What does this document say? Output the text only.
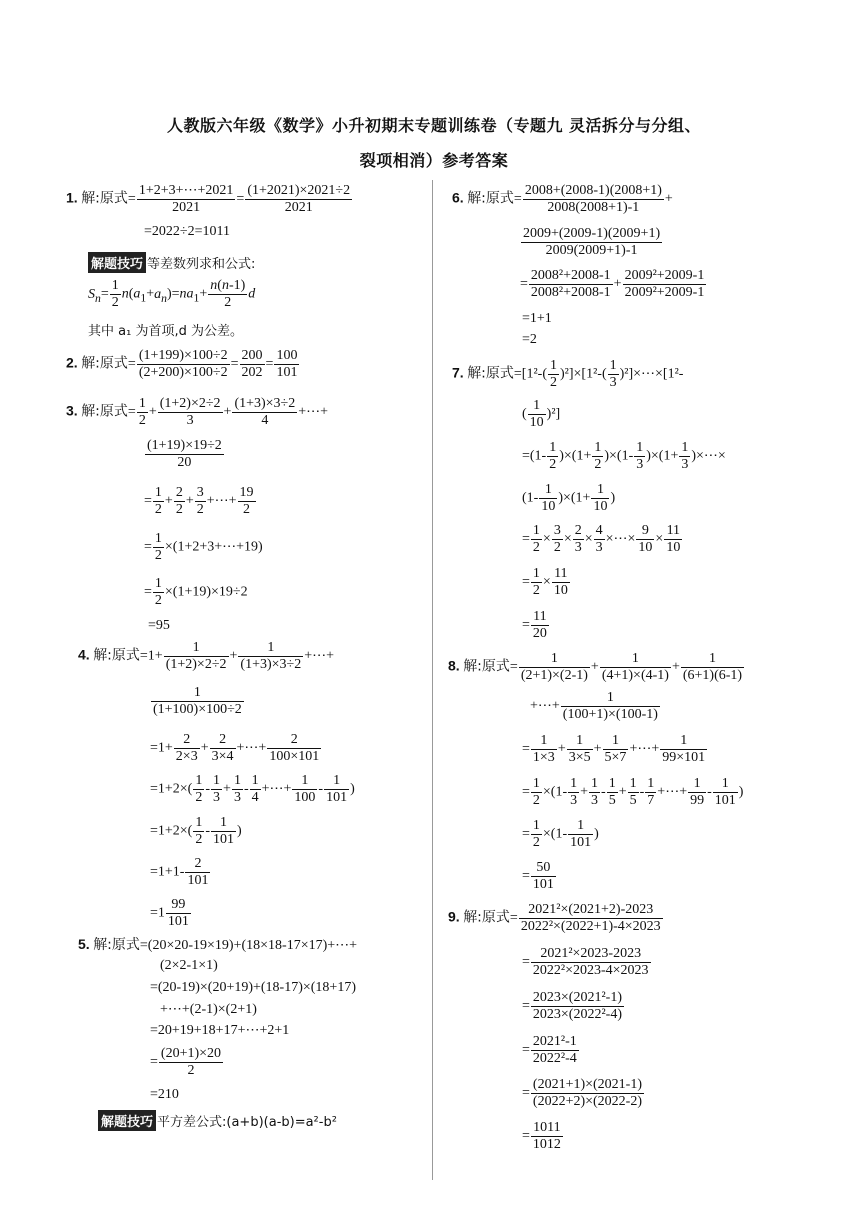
人教版六年级《数学》小升初期末专题训练卷（专题九 灵活拆分与分组、
裂项相消）参考答案
1. 解:原式= $\frac{1+2+3+\cdots+2021}{2021} = \frac{(1+2021)\times 2021\div 2}{2021}$
=2022÷2=1011
解题技巧 等差数列求和公式:
$S_n= \frac{1}{2} n(a_1+a_n)=na_1+ \frac{n(n-1)}{2}$ d
其中 a₁ 为首项,d 为公差。
2. 解:原式= $\frac{(1+199)\times 100\div 2}{(2+200)\times 100\div 2} = \frac{200}{202} = \frac{100}{101}$
3. 解:原式= $\frac{1}{2} + \frac{(1+2)\times 2\div 2}{3} + \frac{(1+3)\times 3\div 2}{4}$ +⋯+
$\frac{(1+19)\times 19\div 2}{20}$
= $\frac{1}{2} + \frac{2}{2} + \frac{3}{2}$ +⋯+ $\frac{19}{2}$
= $\frac{1}{2}$ ×(1+2+3+⋯+19)
= $\frac{1}{2} \times(1+19)\times 19\div 2$
=95
4. 解:原式$=1+ \frac{1}{(1+2)\times 2\div 2} + \frac{1}{(1+3)\times 3\div 2}$ +⋯+
$\frac{1}{(1+100)\times 100\div 2}$
$=1+ \frac{2}{2\times 3} + \frac{2}{3\times 4}$ +⋯+ $\frac{2}{100\times 101}$
$=1+2\times( \frac{1}{2} - \frac{1}{3} + \frac{1}{3} - \frac{1}{4}$ +⋯+ $\frac{1}{100} - \frac{1}{101}$ )
$=1+2\times( \frac{1}{2} - \frac{1}{101}$ )
$=1+1- \frac{2}{101}$
$=1 \frac{99}{101}$
5. 解:原式=(20×20-19×19)+(18×18-17×17)+⋯+
(2×2-1×1)
=(20-19)×(20+19)+(18-17)×(18+17)
+⋯+(2-1)×(2+1)
=20+19+18+17+⋯+2+1
= $\frac{(20+1)\times 20}{2}$
=210
解题技巧 平方差公式:(a+b)(a-b)=a²-b²
6. 解:原式= $\frac{2008+(2008-1)(2008+1)}{2008(2008+1)-1}$ +
$\frac{2009+(2009-1)(2009+1)}{2009(2009+1)-1}$
= $\frac{\text{2008²+2008-1}}{\text{2008²+2008-1}} + \frac{\text{2009²+2009-1}}{\text{2009²+2009-1}}$
=1+1
=2
7. 解:原式$=[1^2-( \frac{1}{2} )^2]\times[1^2-( \frac{1}{3}$ )²]×⋯×[1²-
( $\frac{1}{10} )^2$]
$=(1- \frac{1}{2} )\times(1+ \frac{1}{2} )\times(1- \frac{1}{3} )\times(1+ \frac{1}{3}$ )×⋯×
$(1- \frac{1}{10} )\times(1+ \frac{1}{10}$ )
= $\frac{1}{2} \times \frac{3}{2} \times \frac{2}{3} \times \frac{4}{3}$ ×⋯× $\frac{9}{10} \times \frac{11}{10}$
= $\frac{1}{2} \times \frac{11}{10}$
= $\frac{11}{20}$
8. 解:原式= $\frac{1}{(2+1)\times(2-1)} + \frac{1}{(4+1)\times(4-1)} + \frac{1}{(6+1)(6-1)}$
+⋯+ $\frac{1}{(100+1)\times(100-1)}$
= $\frac{1}{1\times 3} + \frac{1}{3\times 5} + \frac{1}{5\times 7}$ +⋯+ $\frac{1}{99\times 101}$
= $\frac{1}{2} \times(1- \frac{1}{3} + \frac{1}{3} - \frac{1}{5} + \frac{1}{5} - \frac{1}{7}$ +⋯+ $\frac{1}{99} - \frac{1}{101}$ )
= $\frac{1}{2} \times(1- \frac{1}{101}$ )
= $\frac{50}{101}$
9. 解:原式= $\frac{\text{2021²×(2021+2)-2023}}{\text{2022²×(2022+1)-4×2023}}$
= $\frac{\text{2021²×2023-2023}}{\text{2022²×2023-4×2023}}$
= $\frac{\text{2023×(2021²-1)}}{\text{2023×(2022²-4)}}$
= $\frac{\text{2021²-1}}{\text{2022²-4}}$
= $\frac{(2021+1)\times(2021-1)}{(2022+2)\times(2022-2)}$
= $\frac{1011}{1012}$
